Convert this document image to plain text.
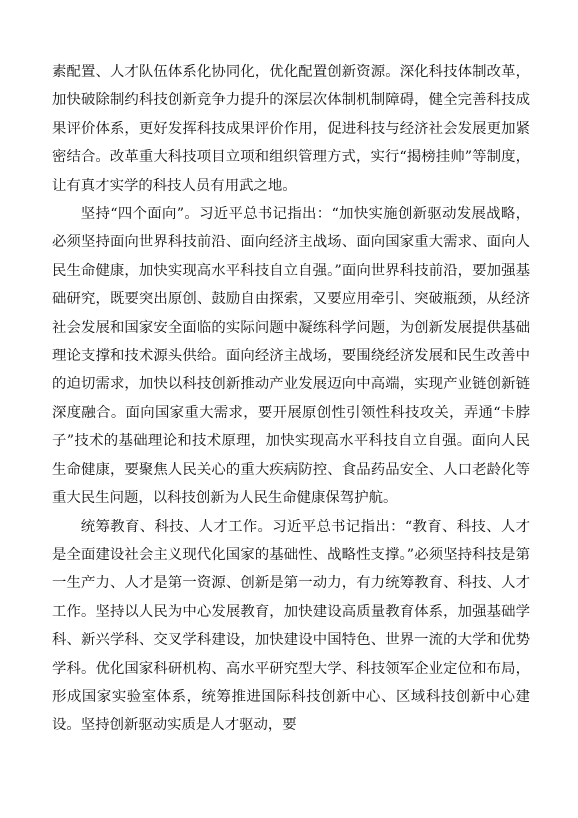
素配置、人才队伍体系化协同化，优化配置创新资源。深化科技体制改革，加快破除制约科技创新竞争力提升的深层次体制机制障碍，健全完善科技成果评价体系，更好发挥科技成果评价作用，促进科技与经济社会发展更加紧密结合。改革重大科技项目立项和组织管理方式，实行“揭榜挂帅”等制度，让有真才实学的科技人员有用武之地。

坚持“四个面向”。习近平总书记指出：“加快实施创新驱动发展战略，必须坚持面向世界科技前沿、面向经济主战场、面向国家重大需求、面向人民生命健康，加快实现高水平科技自立自强。”面向世界科技前沿，要加强基础研究，既要突出原创、鼓励自由探索，又要应用牵引、突破瓶颈，从经济社会发展和国家安全面临的实际问题中凝练科学问题，为创新发展提供基础理论支撑和技术源头供给。面向经济主战场，要围绕经济发展和民生改善中的迫切需求，加快以科技创新推动产业发展迈向中高端，实现产业链创新链深度融合。面向国家重大需求，要开展原创性引领性科技攻关，弄通“卡脖子”技术的基础理论和技术原理，加快实现高水平科技自立自强。面向人民生命健康，要聚焦人民关心的重大疾病防控、食品药品安全、人口老龄化等重大民生问题，以科技创新为人民生命健康保驾护航。

统筹教育、科技、人才工作。习近平总书记指出：“教育、科技、人才是全面建设社会主义现代化国家的基础性、战略性支撑。”必须坚持科技是第一生产力、人才是第一资源、创新是第一动力，有力统筹教育、科技、人才工作。坚持以人民为中心发展教育，加快建设高质量教育体系，加强基础学科、新兴学科、交叉学科建设，加快建设中国特色、世界一流的大学和优势学科。优化国家科研机构、高水平研究型大学、科技领军企业定位和布局，形成国家实验室体系，统筹推进国际科技创新中心、区域科技创新中心建设。坚持创新驱动实质是人才驱动，要
